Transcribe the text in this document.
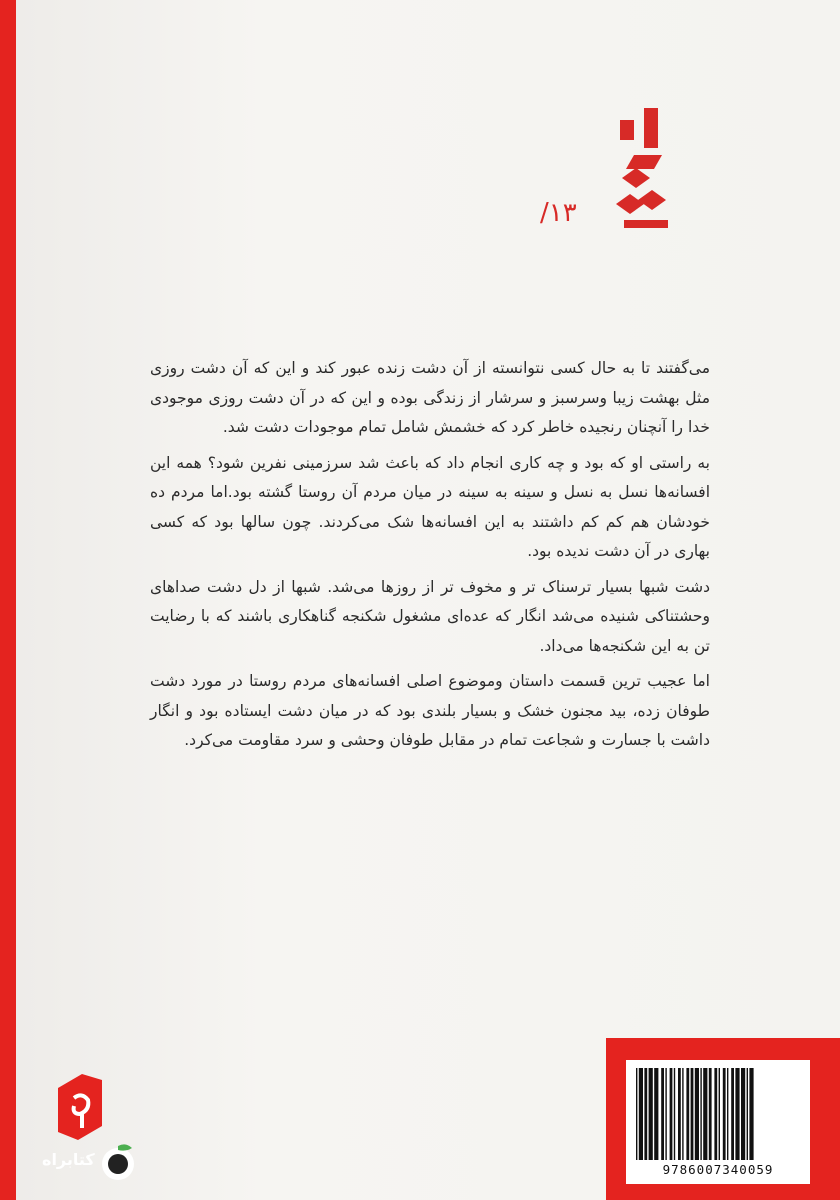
/۱۳

می‌گفتند تا به حال کسی نتوانسته از آن دشت زنده عبور کند و این که آن دشت روزی مثل بهشت زیبا وسرسبز و سرشار از زندگی بوده و این که در آن دشت روزی موجودی خدا را آنچنان رنجیده خاطر کرد که خشمش شامل تمام موجودات دشت شد.

به راستی او که بود و چه کاری انجام داد که باعث شد سرزمینی نفرین شود؟ همه این افسانه‌ها نسل به نسل و سینه به سینه در میان مردم آن روستا گشته بود.اما مردم ده خودشان هم کم کم داشتند به این افسانه‌ها شک می‌کردند. چون سالها بود که کسی بهاری در آن دشت ندیده بود.

دشت شبها بسیار ترسناک تر و مخوف تر از روزها می‌شد. شبها از دل دشت صداهای وحشتناکی شنیده می‌شد انگار که عده‌ای مشغول شکنجه گناهکاری باشند که با رضایت تن به این شکنجه‌ها می‌داد.

اما عجیب ترین قسمت داستان وموضوع اصلی افسانه‌های مردم روستا در مورد دشت طوفان زده، بید مجنون خشک و بسیار بلندی بود که در میان دشت ایستاده بود و انگار داشت با جسارت و شجاعت تمام در مقابل طوفان وحشی و سرد مقاومت می‌کرد.

کتابراه
9786007340059
